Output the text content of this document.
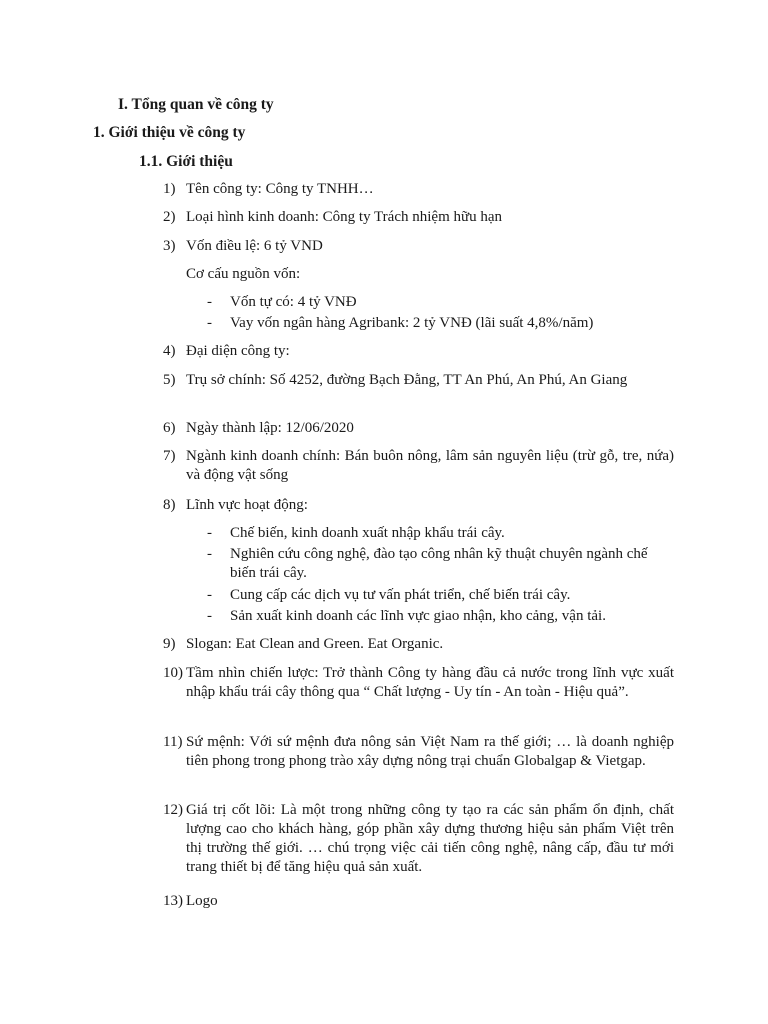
I. Tổng quan về công ty
1. Giới thiệu về công ty
1.1. Giới thiệu
1) Tên công ty: Công ty TNHH…
2) Loại hình kinh doanh: Công ty Trách nhiệm hữu hạn
3) Vốn điều lệ: 6 tỷ VND
Cơ cấu nguồn vốn:
- Vốn tự có: 4 tỷ VNĐ
- Vay vốn ngân hàng Agribank: 2 tỷ VNĐ (lãi suất 4,8%/năm)
4) Đại diện công ty:
5) Trụ sở chính: Số 4252, đường Bạch Đằng, TT An Phú, An Phú, An Giang
6) Ngày thành lập: 12/06/2020
7) Ngành kinh doanh chính: Bán buôn nông, lâm sản nguyên liệu (trừ gỗ, tre, nứa) và động vật sống
8) Lĩnh vực hoạt động:
- Chế biến, kinh doanh xuất nhập khẩu trái cây.
- Nghiên cứu công nghệ, đào tạo công nhân kỹ thuật chuyên ngành chế biến trái cây.
- Cung cấp các dịch vụ tư vấn phát triển, chế biến trái cây.
- Sản xuất kinh doanh các lĩnh vực giao nhận, kho cảng, vận tải.
9) Slogan: Eat Clean and Green. Eat Organic.
10) Tầm nhìn chiến lược: Trở thành Công ty hàng đầu cả nước trong lĩnh vực xuất nhập khẩu trái cây thông qua “ Chất lượng - Uy tín - An toàn - Hiệu quả”.
11) Sứ mệnh: Với sứ mệnh đưa nông sản Việt Nam ra thế giới; … là doanh nghiệp tiên phong trong phong trào xây dựng nông trại chuẩn Globalgap & Vietgap.
12) Giá trị cốt lõi: Là một trong những công ty tạo ra các sản phẩm ổn định, chất lượng cao cho khách hàng, góp phần xây dựng thương hiệu sản phẩm Việt trên thị trường thế giới. … chú trọng việc cải tiến công nghệ, nâng cấp, đầu tư mới trang thiết bị để tăng hiệu quả sản xuất.
13) Logo
